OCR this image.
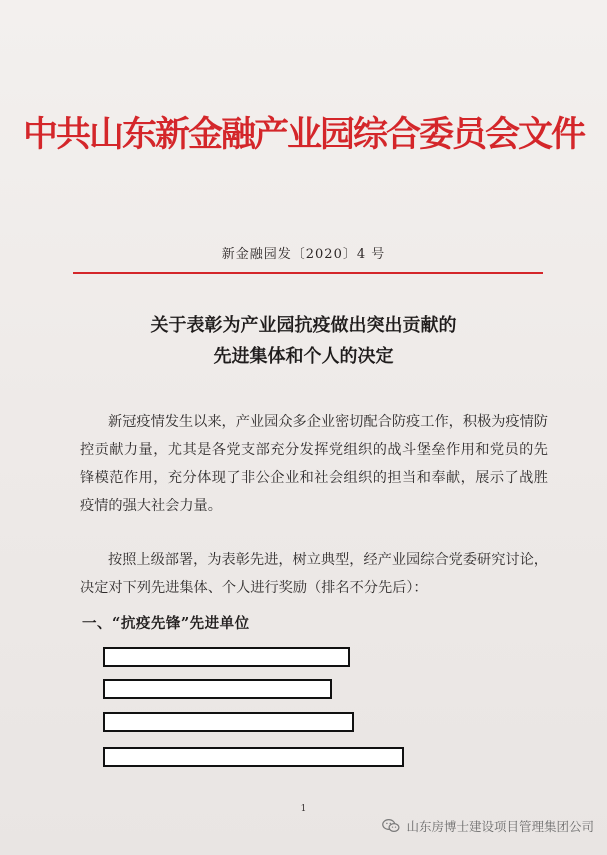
中共山东新金融产业园综合委员会文件
新金融园发〔2020〕4 号
关于表彰为产业园抗疫做出突出贡献的
先进集体和个人的决定
新冠疫情发生以来，产业园众多企业密切配合防疫工作，积极为疫情防控贡献力量，尤其是各党支部充分发挥党组织的战斗堡垒作用和党员的先锋模范作用，充分体现了非公企业和社会组织的担当和奉献，展示了战胜疫情的强大社会力量。
按照上级部署，为表彰先进，树立典型，经产业园综合党委研究讨论，决定对下列先进集体、个人进行奖励（排名不分先后）：
一、“抗疫先锋”先进单位
1
山东房博士建设项目管理集团公司
